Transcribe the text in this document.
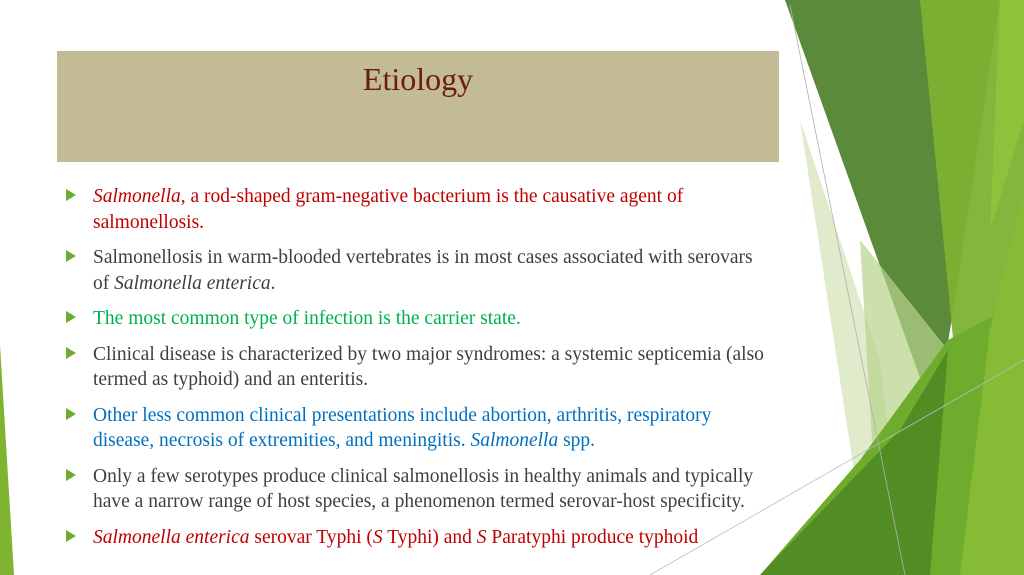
Etiology
Salmonella, a rod-shaped gram-negative bacterium is the causative agent of salmonellosis.
Salmonellosis in warm-blooded vertebrates is in most cases associated with serovars of Salmonella enterica.
The most common type of infection is the carrier state.
Clinical disease is characterized by two major syndromes: a systemic septicemia (also termed as typhoid) and an enteritis.
Other less common clinical presentations include abortion, arthritis, respiratory disease, necrosis of extremities, and meningitis. Salmonella spp.
Only a few serotypes produce clinical salmonellosis in healthy animals and typically have a narrow range of host species, a phenomenon termed serovar-host specificity.
Salmonella enterica serovar Typhi (S Typhi) and S Paratyphi produce typhoid
